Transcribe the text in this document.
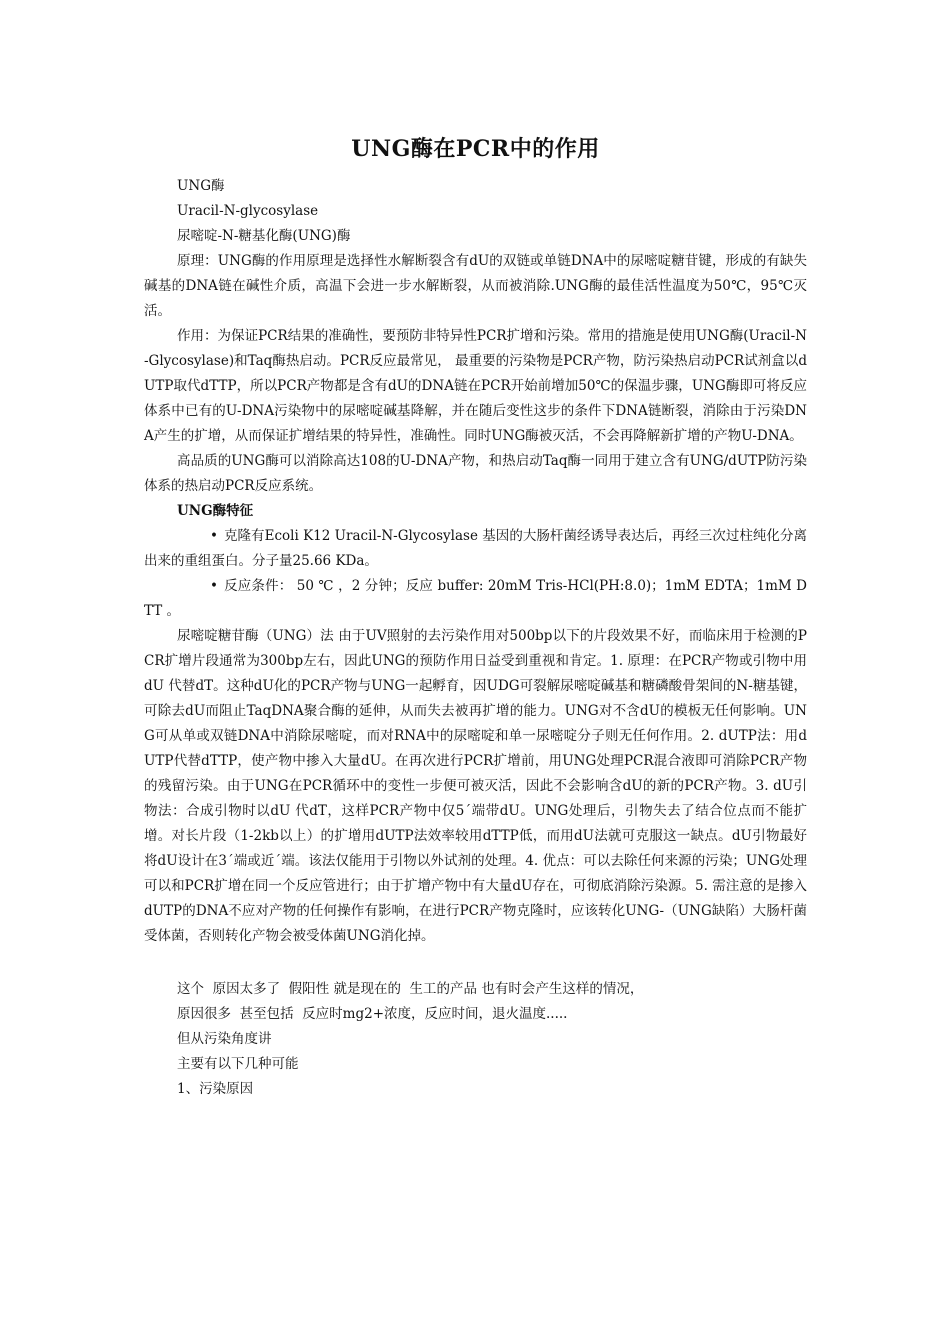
UNG酶在PCR中的作用

UNG酶

Uracil-N-glycosylase

尿嘧啶-N-糖基化酶(UNG)酶

原理：UNG酶的作用原理是选择性水解断裂含有dU的双链或单链DNA中的尿嘧啶糖苷键，形成的有缺失碱基的DNA链在碱性介质，高温下会进一步水解断裂，从而被消除.UNG酶的最佳活性温度为50℃，95℃灭活。

作用：为保证PCR结果的准确性，要预防非特异性PCR扩增和污染。常用的措施是使用UNG酶(Uracil-N-Glycosylase)和Taq酶热启动。PCR反应最常见， 最重要的污染物是PCR产物，防污染热启动PCR试剂盒以dUTP取代dTTP，所以PCR产物都是含有dU的DNA链在PCR开始前增加50℃的保温步骤，UNG酶即可将反应体系中已有的U-DNA污染物中的尿嘧啶碱基降解，并在随后变性这步的条件下DNA链断裂，消除由于污染DNA产生的扩增，从而保证扩增结果的特异性，准确性。同时UNG酶被灭活，不会再降解新扩增的产物U-DNA。

高品质的UNG酶可以消除高达108的U-DNA产物，和热启动Taq酶一同用于建立含有UNG/dUTP防污染体系的热启动PCR反应系统。

UNG酶特征

• 克隆有Ecoli K12 Uracil-N-Glycosylase 基因的大肠杆菌经诱导表达后，再经三次过柱纯化分离出来的重组蛋白。分子量25.66 KDa。

• 反应条件： 50 ℃ ，2 分钟；反应 buffer: 20mM Tris-HCl(PH:8.0)；1mM EDTA；1mM DTT 。

尿嘧啶糖苷酶（UNG）法 由于UV照射的去污染作用对500bp以下的片段效果不好，而临床用于检测的PCR扩增片段通常为300bp左右，因此UNG的预防作用日益受到重视和肯定。1. 原理：在PCR产物或引物中用dU 代替dT。这种dU化的PCR产物与UNG一起孵育，因UDG可裂解尿嘧啶碱基和糖磷酸骨架间的N-糖基键，可除去dU而阻止TaqDNA聚合酶的延伸，从而失去被再扩增的能力。UNG对不含dU的模板无任何影响。UNG可从单或双链DNA中消除尿嘧啶，而对RNA中的尿嘧啶和单一尿嘧啶分子则无任何作用。2. dUTP法：用dUTP代替dTTP，使产物中掺入大量dU。在再次进行PCR扩增前，用UNG处理PCR混合液即可消除PCR产物的残留污染。由于UNG在PCR循环中的变性一步便可被灭活，因此不会影响含dU的新的PCR产物。3. dU引物法：合成引物时以dU 代dT，这样PCR产物中仅5´端带dU。UNG处理后，引物失去了结合位点而不能扩增。对长片段（1-2kb以上）的扩增用dUTP法效率较用dTTP低，而用dU法就可克服这一缺点。dU引物最好将dU设计在3´端或近´端。该法仅能用于引物以外试剂的处理。4. 优点：可以去除任何来源的污染；UNG处理可以和PCR扩增在同一个反应管进行；由于扩增产物中有大量dU存在，可彻底消除污染源。5. 需注意的是掺入dUTP的DNA不应对产物的任何操作有影响，在进行PCR产物克隆时，应该转化UNG-（UNG缺陷）大肠杆菌受体菌，否则转化产物会被受体菌UNG消化掉。

这个  原因太多了  假阳性 就是现在的  生工的产品 也有时会产生这样的情况，

原因很多  甚至包括  反应时mg2+浓度，反应时间，退火温度.....

但从污染角度讲

主要有以下几种可能

1、污染原因
